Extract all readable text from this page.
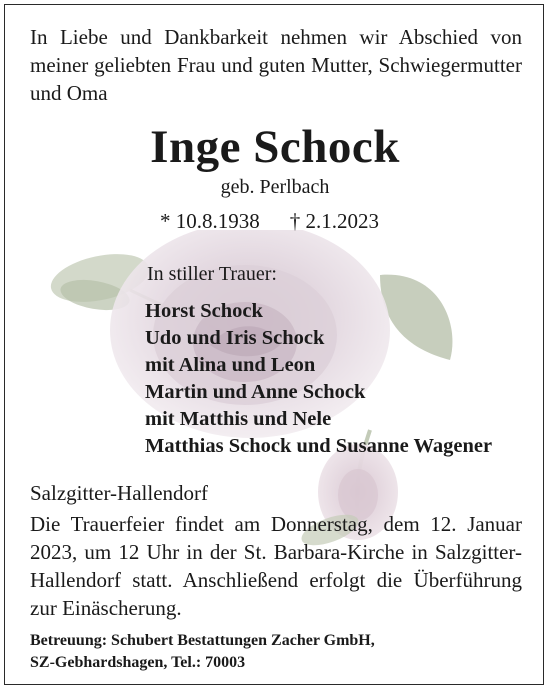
In Liebe und Dankbarkeit nehmen wir Abschied von meiner geliebten Frau und guten Mutter, Schwiegermutter und Oma

Inge Schock
geb. Perlbach
* 10.8.1938 † 2.1.2023
In stiller Trauer:
Horst Schock
Udo und Iris Schock
mit Alina und Leon
Martin und Anne Schock
mit Matthis und Nele
Matthias Schock und Susanne Wagener
Salzgitter-Hallendorf

Die Trauerfeier findet am Donnerstag, dem 12. Januar 2023, um 12 Uhr in der St. Barbara-Kirche in Salzgitter-Hallendorf statt. Anschließend erfolgt die Überführung zur Einäscherung.

Betreuung: Schubert Bestattungen Zacher GmbH,
SZ-Gebhardshagen, Tel.: 70003
